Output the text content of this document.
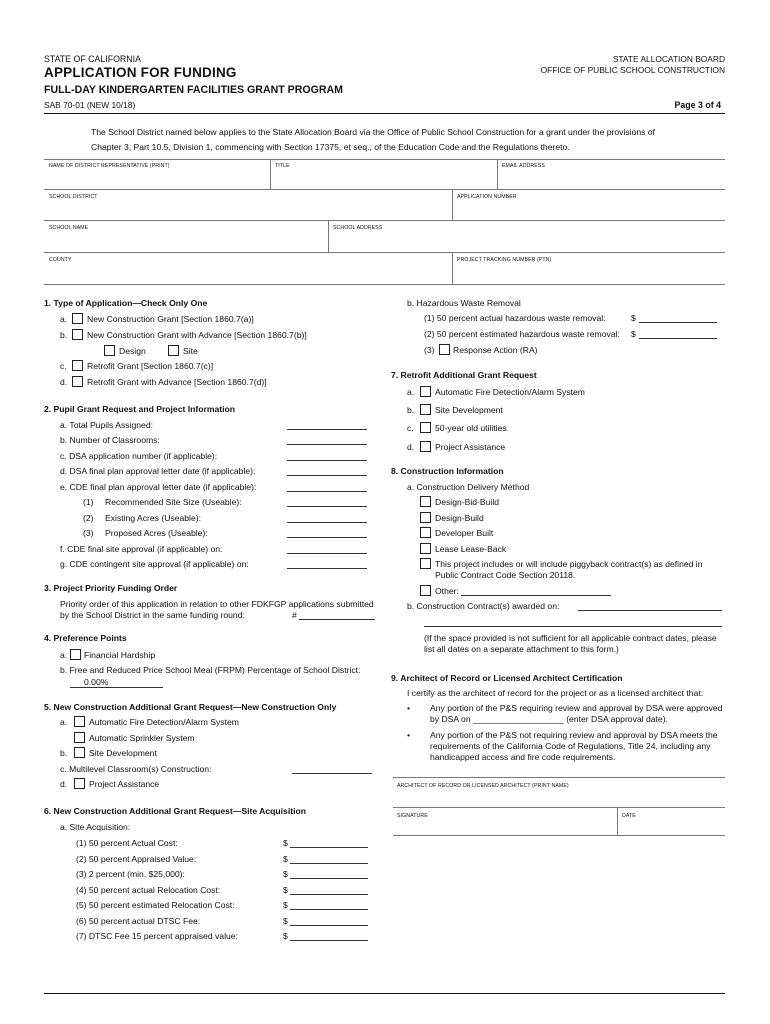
STATE OF CALIFORNIA
APPLICATION FOR FUNDING
FULL-DAY KINDERGARTEN FACILITIES GRANT PROGRAM
SAB 70-01 (NEW 10/18)
STATE ALLOCATION BOARD
OFFICE OF PUBLIC SCHOOL CONSTRUCTION
Page 3 of 4
The School District named below applies to the State Allocation Board via the Office of Public School Construction for a grant under the provisions of
Chapter 3, Part 10.5, Division 1, commencing with Section 17375, et seq., of the Education Code and the Regulations thereto.
NAME OF DISTRICT REPRESENTATIVE (PRINT)	TITLE	EMAIL ADDRESS
SCHOOL DISTRICT	APPLICATION NUMBER
SCHOOL NAME	SCHOOL ADDRESS
COUNTY	PROJECT TRACKING NUMBER (PTN)
1. Type of Application—Check Only One
a. New Construction Grant [Section 1860.7(a)]
b. New Construction Grant with Advance [Section 1860.7(b)]
Design	Site
c. Retrofit Grant [Section 1860.7(c)]
d. Retrofit Grant with Advance [Section 1860.7(d)]
2. Pupil Grant Request and Project Information
a. Total Pupils Assigned:
b. Number of Classrooms:
c. DSA application number (if applicable):
d. DSA final plan approval letter date (if applicable):
e. CDE final plan approval letter date (if applicable):
(1) Recommended Site Size (Useable):
(2) Existing Acres (Useable):
(3) Proposed Acres (Useable):
f. CDE final site approval (if applicable) on:
g. CDE contingent site approval (if applicable) on:
3. Project Priority Funding Order
Priority order of this application in relation to other FDKFGP applications submitted
by the School District in the same funding round:	#
4. Preference Points
a. Financial Hardship
b. Free and Reduced Price School Meal (FRPM) Percentage of School District:
0.00%
5. New Construction Additional Grant Request—New Construction Only
a.	Automatic Fire Detection/Alarm System
Automatic Sprinkler System
b.	Site Development
c. Multilevel Classroom(s) Construction:
d.	Project Assistance
6. New Construction Additional Grant Request—Site Acquisition
a. Site Acquisition:
(1) 50 percent Actual Cost:	$
(2) 50 percent Appraised Value:	$
(3) 2 percent (min. $25,000):	$
(4) 50 percent actual Relocation Cost:	$
(5) 50 percent estimated Relocation Cost:	$
(6) 50 percent actual DTSC Fee:	$
(7) DTSC Fee 15 percent appraised value:	$
b. Hazardous Waste Removal
(1) 50 percent actual hazardous waste removal:	$
(2) 50 percent estimated hazardous waste removal: $
(3) Response Action (RA)
7. Retrofit Additional Grant Request
a. Automatic Fire Detection/Alarm System
b. Site Development
c. 50-year old utilities
d. Project Assistance
8. Construction Information
a. Construction Delivery Method
Design-Bid-Build
Design-Build
Developer Built
Lease Lease-Back
This project includes or will include piggyback contract(s) as defined in
Public Contract Code Section 20118.
Other:
b. Construction Contract(s) awarded on:
(If the space provided is not sufficient for all applicable contract dates, please
list all dates on a separate attachment to this form.)
9. Architect of Record or Licensed Architect Certification
I certify as the architect of record for the project or as a licensed architect that:
• Any portion of the P&S requiring review and approval by DSA were approved
by DSA on ___________________ (enter DSA approval date).
• Any portion of the P&S not requiring review and approval by DSA meets the
requirements of the California Code of Regulations, Title 24, including any
handicapped access and fire code requirements.
ARCHITECT OF RECORD OR LICENSED ARCHITECT (PRINT NAME)
SIGNATURE	DATE
